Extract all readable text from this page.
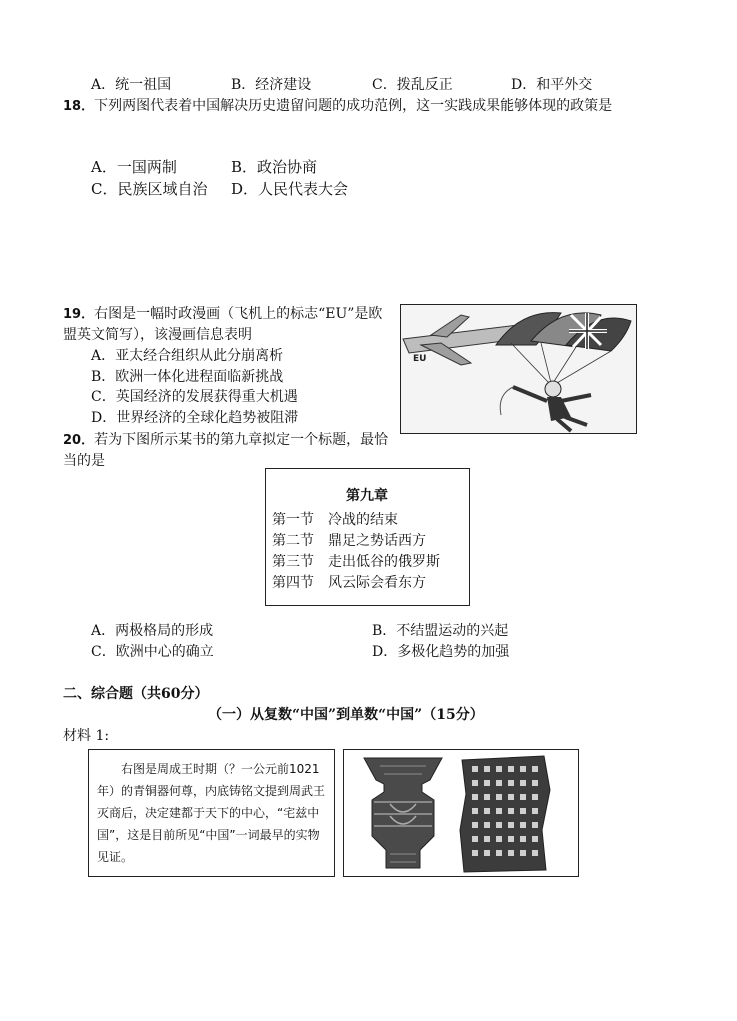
A．统一祖国	B．经济建设	C．拨乱反正	D．和平外交
18．下列两图代表着中国解决历史遗留问题的成功范例，这一实践成果能够体现的政策是
A．一国两制	B．政治协商
C．民族区域自治 D．人民代表大会
19．右图是一幅时政漫画（飞机上的标志“EU”是欧
盟英文简写），该漫画信息表明
A．亚太经合组织从此分崩离析
B．欧洲一体化进程面临新挑战
C．英国经济的发展获得重大机遇
D．世界经济的全球化趋势被阻滞
EU
20．若为下图所示某书的第九章拟定一个标题，最恰
当的是
第九章
第一节 冷战的结束
第二节 鼎足之势话西方
第三节 走出低谷的俄罗斯
第四节 风云际会看东方
A．两极格局的形成	B．不结盟运动的兴起
C．欧洲中心的确立	D．多极化趋势的加强
二、综合题（共60分）
（一）从复数“中国”到单数“中国”（15分）
材料 1:
右图是周成王时期（？一公元前1021 年）的青铜器何尊，内底铸铭文提到周武王灭商后，决定建都于天下的中心，“宅兹中国”，这是目前所见“中国”一词最早的实物见证。
